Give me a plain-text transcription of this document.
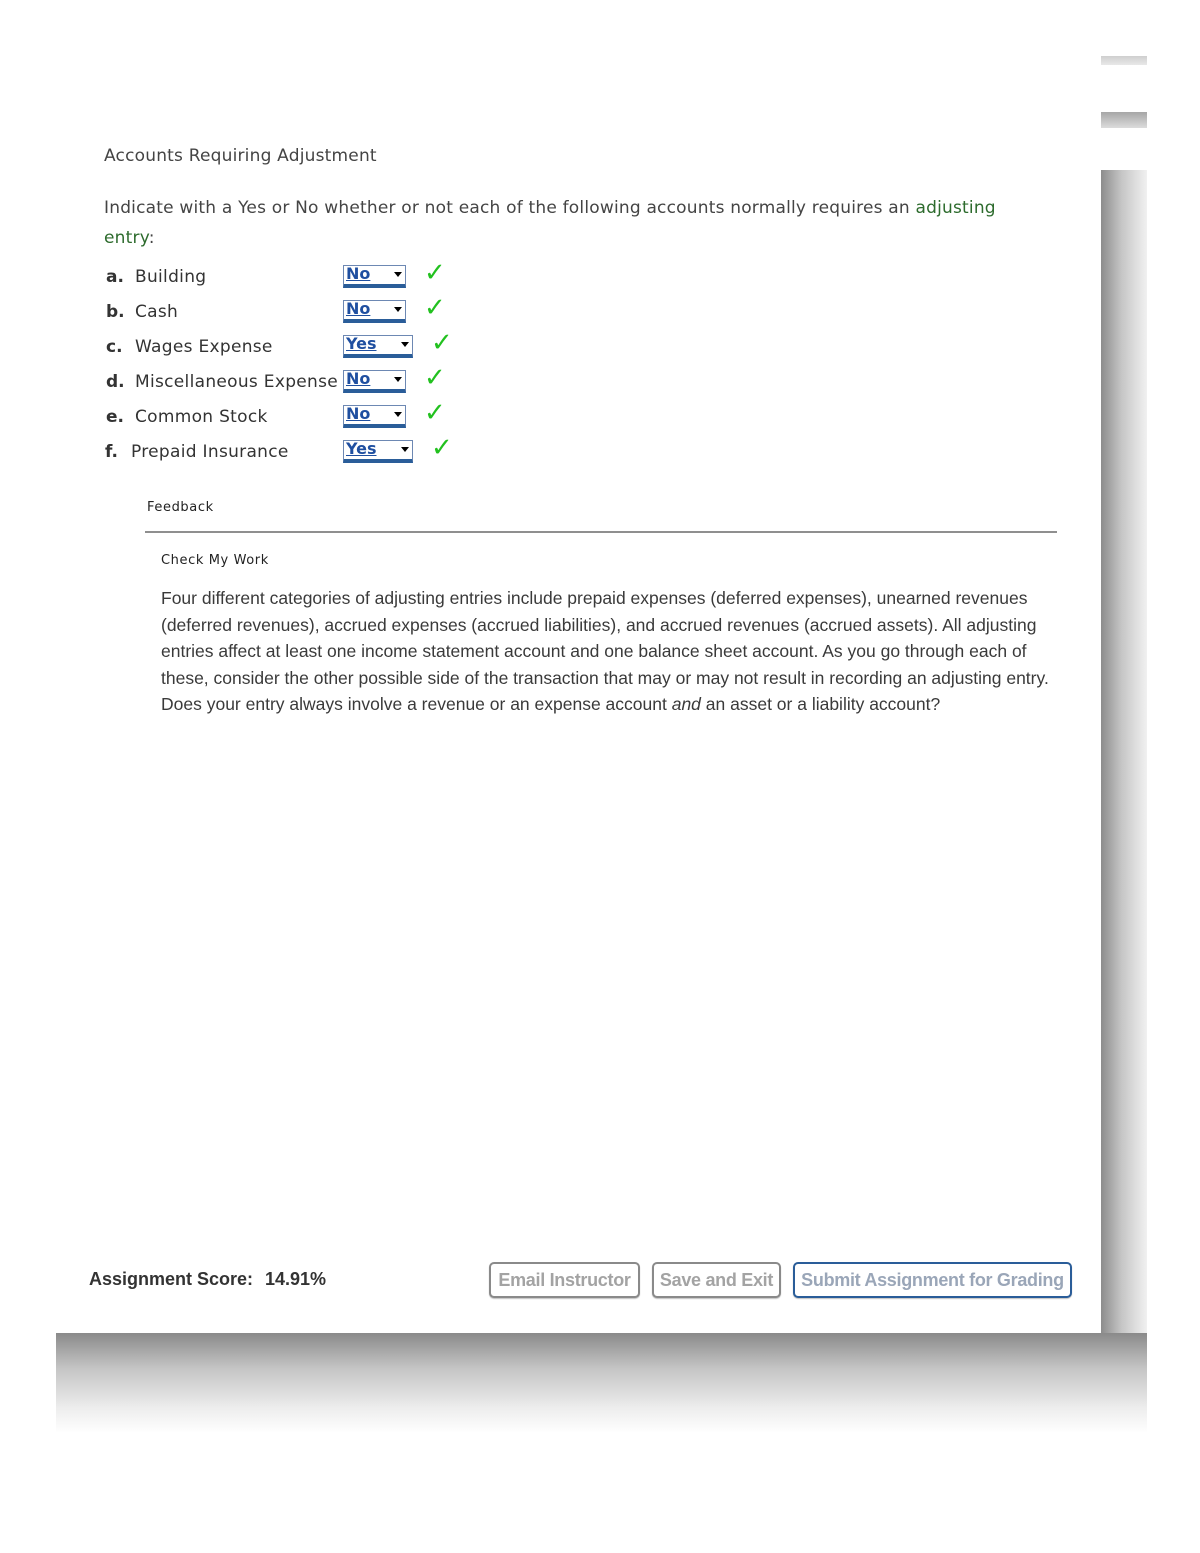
Accounts Requiring Adjustment
Indicate with a Yes or No whether or not each of the following accounts normally requires an adjusting entry:
a. Building	No ✓
b. Cash	No ✓
c. Wages Expense	Yes ✓
d. Miscellaneous Expense No ✓
e. Common Stock	No ✓
f. Prepaid Insurance	Yes ✓
Feedback
Check My Work
Four different categories of adjusting entries include prepaid expenses (deferred expenses), unearned revenues (deferred revenues), accrued expenses (accrued liabilities), and accrued revenues (accrued assets). All adjusting entries affect at least one income statement account and one balance sheet account. As you go through each of these, consider the other possible side of the transaction that may or may not result in recording an adjusting entry. Does your entry always involve a revenue or an expense account and an asset or a liability account?
Assignment Score: 14.91%	Email Instructor	Save and Exit	Submit Assignment for Grading
